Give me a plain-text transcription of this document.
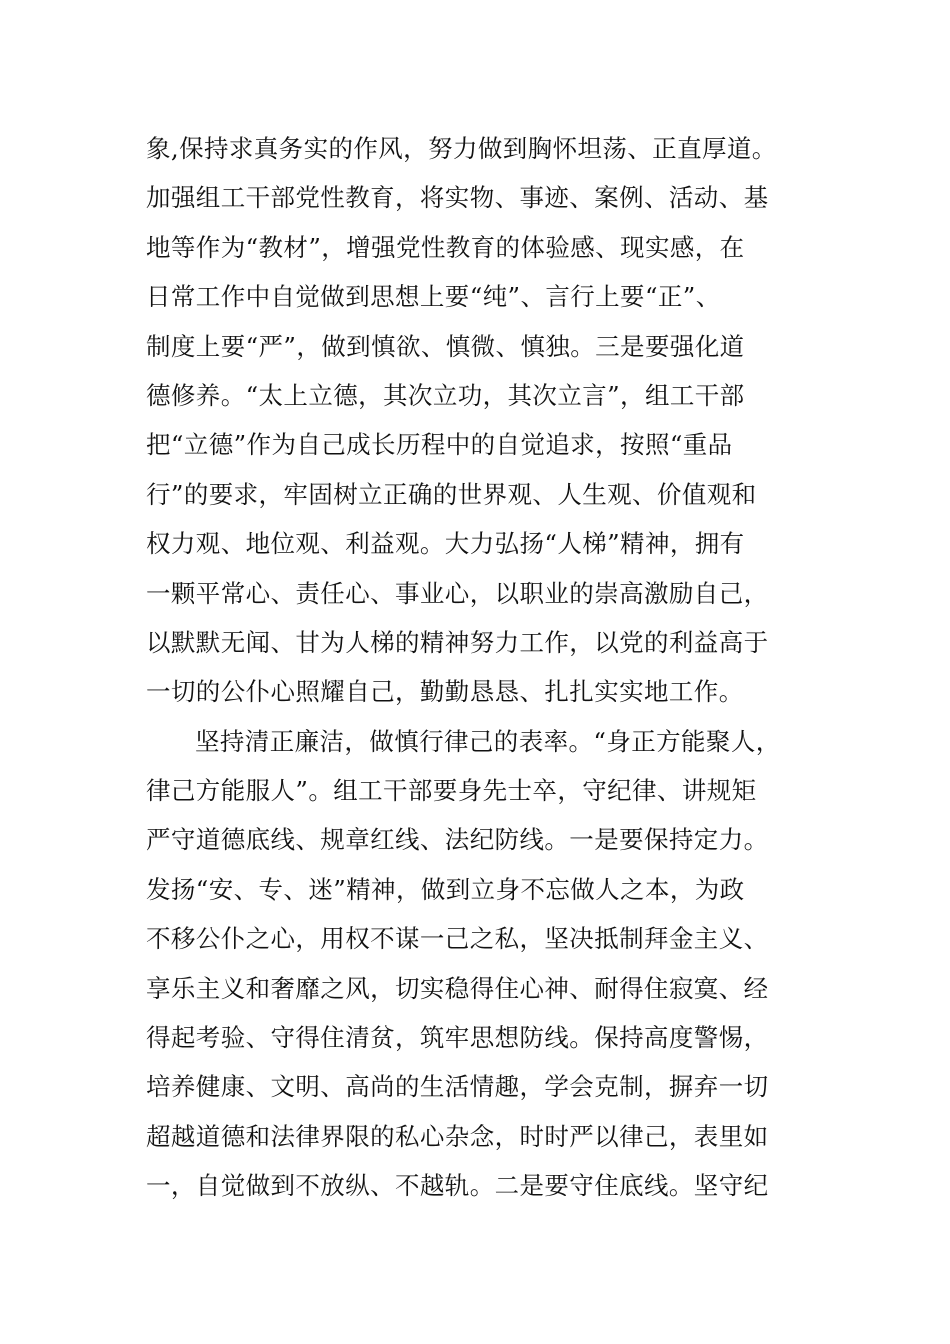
象,保持求真务实的作风，努力做到胸怀坦荡、正直厚道。
加强组工干部党性教育，将实物、事迹、案例、活动、基
地等作为“教材”，增强党性教育的体验感、现实感，在
日常工作中自觉做到思想上要“纯”、言行上要“正”、
制度上要“严”，做到慎欲、慎微、慎独。三是要强化道
德修养。“太上立德，其次立功，其次立言”，组工干部
把“立德”作为自己成长历程中的自觉追求，按照“重品
行”的要求，牢固树立正确的世界观、人生观、价值观和
权力观、地位观、利益观。大力弘扬“人梯”精神，拥有
一颗平常心、责任心、事业心，以职业的崇高激励自己，
以默默无闻、甘为人梯的精神努力工作，以党的利益高于
一切的公仆心照耀自己，勤勤恳恳、扎扎实实地工作。
坚持清正廉洁，做慎行律己的表率。“身正方能聚人，
律己方能服人”。组工干部要身先士卒，守纪律、讲规矩
严守道德底线、规章红线、法纪防线。一是要保持定力。
发扬“安、专、迷”精神，做到立身不忘做人之本，为政
不移公仆之心，用权不谋一己之私，坚决抵制拜金主义、
享乐主义和奢靡之风，切实稳得住心神、耐得住寂寞、经
得起考验、守得住清贫，筑牢思想防线。保持高度警惕，
培养健康、文明、高尚的生活情趣，学会克制，摒弃一切
超越道德和法律界限的私心杂念，时时严以律己，表里如
一，自觉做到不放纵、不越轨。二是要守住底线。坚守纪
